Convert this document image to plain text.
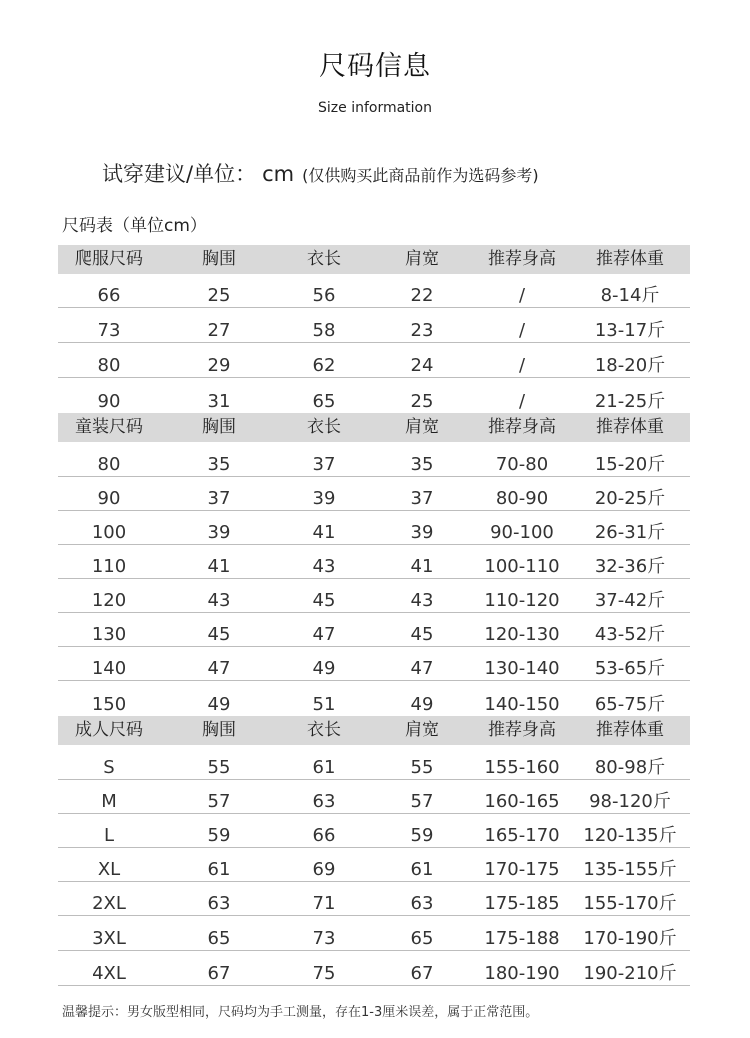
尺码信息
Size information
试穿建议/单位： cm (仅供购买此商品前作为选码参考)
尺码表（单位cm）
爬服尺码	胸围	衣长	肩宽	推荐身高	推荐体重
66	25	56	22	/	8-14斤
73	27	58	23	/	13-17斤
80	29	62	24	/	18-20斤
90	31	65	25	/	21-25斤
童装尺码	胸围	衣长	肩宽	推荐身高	推荐体重
80	35	37	35	70-80	15-20斤
90	37	39	37	80-90	20-25斤
100	39	41	39	90-100	26-31斤
110	41	43	41	100-110	32-36斤
120	43	45	43	110-120	37-42斤
130	45	47	45	120-130	43-52斤
140	47	49	47	130-140	53-65斤
150	49	51	49	140-150	65-75斤
成人尺码	胸围	衣长	肩宽	推荐身高	推荐体重
S	55	61	55	155-160	80-98斤
M	57	63	57	160-165	98-120斤
L	59	66	59	165-170	120-135斤
XL	61	69	61	170-175	135-155斤
2XL	63	71	63	175-185	155-170斤
3XL	65	73	65	175-188	170-190斤
4XL	67	75	67	180-190	190-210斤
温馨提示：男女版型相同，尺码均为手工测量，存在1-3厘米误差，属于正常范围。
